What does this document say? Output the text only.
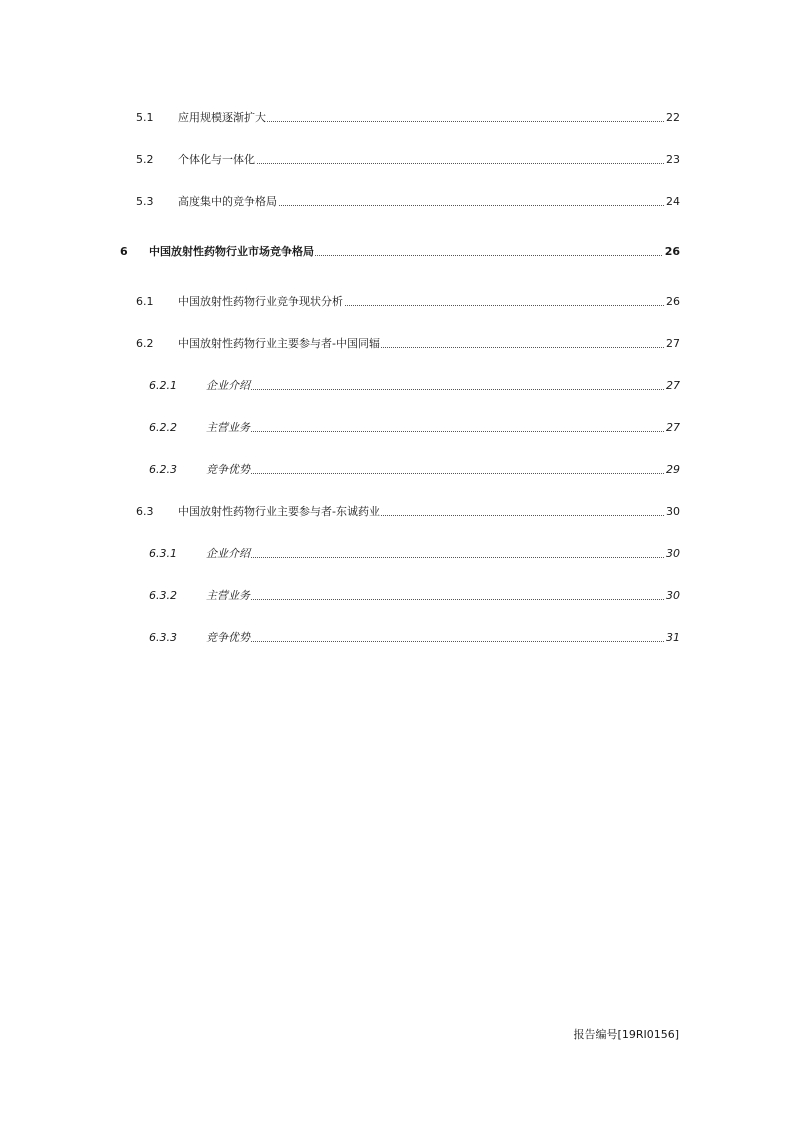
5.1 应用规模逐渐扩大	22
5.2 个体化与一体化	23
5.3 高度集中的竞争格局	24
6 中国放射性药物行业市场竞争格局	26
6.1 中国放射性药物行业竞争现状分析	26
6.2 中国放射性药物行业主要参与者-中国同辐	27
6.2.1	企业介绍	27
6.2.2	主营业务	27
6.2.3	竞争优势	29
6.3 中国放射性药物行业主要参与者-东诚药业	30
6.3.1	企业介绍	30
6.3.2	主营业务	30
6.3.3	竞争优势	31
报告编号[19RI0156]
